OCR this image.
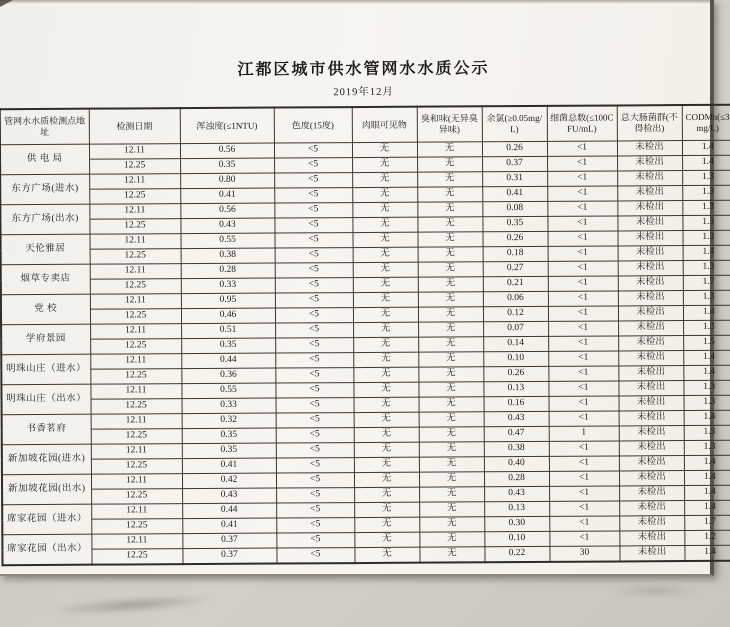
江都区城市供水管网水水质公示
2019年12月
管网水水质检测点地址	检测日期	浑浊度(≤1NTU)	色度(15度)	肉眼可见物	臭和味(无异臭异味)	余氯(≥0.05mg/L)	细菌总数(≤100CFU/mL)	总大肠菌群(不得检出)	CODMn(≤3mg/L)
供 电 局	12.11	0.56	<5	无	无	0.26	<1	未检出	1.4
	12.25	0.35	<5	无	无	0.37	<1	未检出	1.4
东方广场(进水)	12.11	0.80	<5	无	无	0.31	<1	未检出	1.3
	12.25	0.41	<5	无	无	0.41	<1	未检出	1.3
东方广场(出水)	12.11	0.56	<5	无	无	0.08	<1	未检出	1.3
	12.25	0.43	<5	无	无	0.35	<1	未检出	1.3
天伦雅居	12.11	0.55	<5	无	无	0.26	<1	未检出	1.3
	12.25	0.38	<5	无	无	0.18	<1	未检出	1.4
烟草专卖店	12.11	0.28	<5	无	无	0.27	<1	未检出	1.3
	12.25	0.33	<5	无	无	0.21	<1	未检出	1.7
党 校	12.11	0.95	<5	无	无	0.06	<1	未检出	1.3
	12.25	0.46	<5	无	无	0.12	<1	未检出	1.4
学府景园	12.11	0.51	<5	无	无	0.07	<1	未检出	1.3
	12.25	0.35	<5	无	无	0.14	<1	未检出	1.5
明珠山庄（进水）	12.11	0.44	<5	无	无	0.10	<1	未检出	1.4
	12.25	0.36	<5	无	无	0.26	<1	未检出	1.4
明珠山庄（出水）	12.11	0.55	<5	无	无	0.13	<1	未检出	1.3
	12.25	0.33	<5	无	无	0.16	<1	未检出	1.3
书香茗府	12.11	0.32	<5	无	无	0.43	<1	未检出	1.4
	12.25	0.35	<5	无	无	0.47	1	未检出	1.3
新加坡花园(进水)	12.11	0.35	<5	无	无	0.38	<1	未检出	1.3
	12.25	0.41	<5	无	无	0.40	<1	未检出	1.4
新加坡花园(出水)	12.11	0.42	<5	无	无	0.28	<1	未检出	1.4
	12.25	0.43	<5	无	无	0.43	<1	未检出	1.4
席家花园（进水）	12.11	0.44	<5	无	无	0.13	<1	未检出	1.4
	12.25	0.41	<5	无	无	0.30	<1	未检出	1.7
席家花园（出水）	12.11	0.37	<5	无	无	0.10	<1	未检出	1.2
	12.25	0.37	<5	无	无	0.22	30	未检出	1.4
